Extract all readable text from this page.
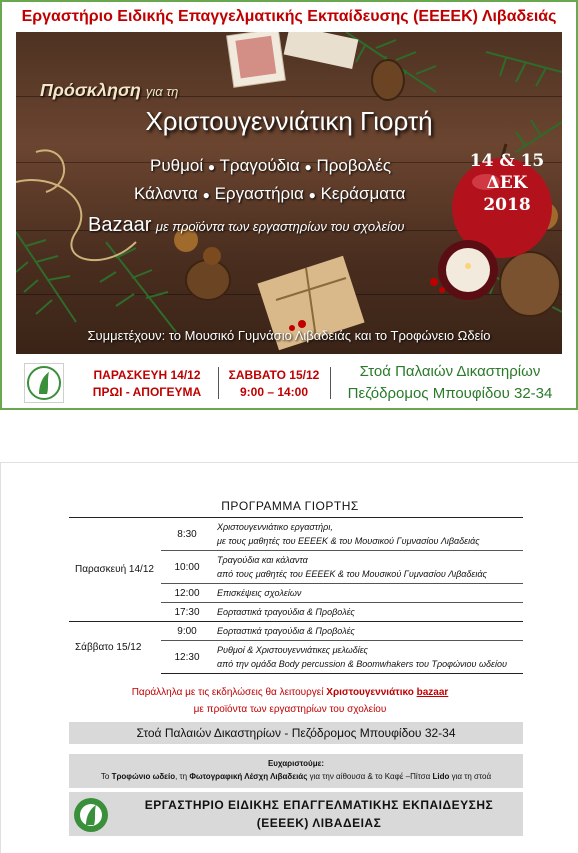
Εργαστήριο Ειδικής Επαγγελματικής Εκπαίδευσης (ΕΕΕΕΚ) Λιβαδειάς
Πρόσκληση για τη
Χριστουγεννιάτικη Γιορτή
Ρυθμοί ● Τραγούδια ● Προβολές
Κάλαντα ● Εργαστήρια ● Κεράσματα
Bazaar με προϊόντα των εργαστηρίων του σχολείου
14 & 15
ΔΕΚ
2018
Συμμετέχουν: το Μουσικό Γυμνάσιο Λιβαδειάς και το Τροφώνειο Ωδείο
ΠΑΡΑΣΚΕΥΗ 14/12
ΠΡΩΙ - ΑΠΟΓΕΥΜΑ
ΣΑΒΒΑΤΟ 15/12
9:00 – 14:00
Στοά Παλαιών Δικαστηρίων
Πεζόδρομος Μπουφίδου 32-34
ΠΡΟΓΡΑΜΜΑ ΓΙΟΡΤΗΣ
Παρασκευή 14/12	8:30	Χριστουγεννιάτικο εργαστήρι,
με τους μαθητές του ΕΕΕΕΚ & του Μουσικού Γυμνασίου Λιβαδειάς

	10:00	Τραγούδια και κάλαντα
από τους μαθητές του ΕΕΕΕΚ & του Μουσικού Γυμνασίου Λιβαδειάς

	12:00	Επισκέψεις σχολείων
	17:30	Εορταστικά τραγούδια & Προβολές
Σάββατο 15/12	9:00	Εορταστικά τραγούδια & Προβολές
	12:30	Ρυθμοί & Χριστουγεννιάτικες μελωδίες
από την ομάδα Body percussion & Boomwhakers του Τροφώνιου ωδείου
Παράλληλα με τις εκδηλώσεις θα λειτουργεί Χριστουγεννιάτικο bazaar
με προϊόντα των εργαστηρίων του σχολείου
Στοά Παλαιών Δικαστηρίων - Πεζόδρομος Μπουφίδου 32-34
Ευχαριστούμε:
Το Τροφώνιο ωδείο, τη Φωτογραφική Λέσχη Λιβαδειάς για την αίθουσα & το Καφέ –Πίτσα Lido για τη στοά
ΕΡΓΑΣΤΗΡΙΟ ΕΙΔΙΚΗΣ ΕΠΑΓΓΕΛΜΑΤΙΚΗΣ ΕΚΠΑΙΔΕΥΣΗΣ
(ΕΕΕΕΚ) ΛΙΒΑΔΕΙΑΣ
